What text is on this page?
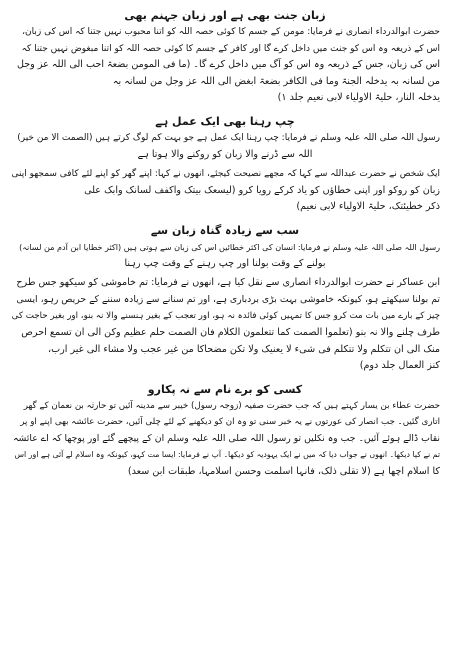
زبان جنت بھی ہے اور زبان جہنم بھی
حضرت ابوالدرداء انصاری نے فرمایا: مومن کے جسم کا کوئی حصہ اللہ کو اتنا محبوب نہیں جتنا کہ اس کی زبان،
اس کے ذریعہ وہ اس کو جنت میں داخل کرے گا اور کافر کے جسم کا کوئی حصہ اللہ کو اتنا مبغوض نہیں جتنا کہ
اس کی زبان، جس کے ذریعہ وہ اس کو آگ میں داخل کرے گا۔ (ما فی المومن بضعۃ احب الی اللہ عز وجل
من لسانہ بہ یدخلہ الجنۃ وما فی الکافر بضعۃ ابغض الی اللہ عز وجل من لسانہ بہ
یدخلہ النار، حلیۃ الاولیاء لابی نعیم جلد ۱)
چپ رہنا بھی ایک عمل ہے
رسول اللہ صلی اللہ علیہ وسلم نے فرمایا: چپ رہنا ایک عمل ہے جو بہت کم لوگ کرتے ہیں (الصمت الا من خیر)
اللہ سے ڈرنے والا زبان کو روکنے والا ہوتا ہے
ایک شخص نے حضرت عبداللہ سے کہا کہ مجھے نصیحت کیجئے، انھوں نے کہا: اپنے گھر کو اپنے لئے کافی سمجھو اپنی
زبان کو روکو اور اپنی خطاؤں کو یاد کرکے رویا کرو (لیسعک بیتک واکفف لسانک وابک علی
ذکر خطیئتک، حلیۃ الاولیاء لابی نعیم)
سب سے زیادہ گناہ زبان سے
رسول اللہ صلی اللہ علیہ وسلم نے فرمایا: انسان کی اکثر خطائیں اس کی زبان سے ہوتی ہیں (اکثر خطایا ابن آدم من لسانہ)
بولنے کے وقت بولنا اور چپ رہنے کے وقت چپ رہنا
ابن عساکر نے حضرت ابوالدرداء انصاری سے نقل کیا ہے، انھوں نے فرمایا: تم خاموشی کو سیکھو جس طرح
تم بولنا سیکھتے ہو، کیونکہ خاموشی بہت بڑی بردباری ہے، اور تم سنانے سے زیادہ سننے کے حریص رہو، ایسی
چیز کے بارے میں بات مت کرو جس کا تمہیں کوئی فائدہ نہ ہو، اور تعجب کے بغیر ہنسنے والا نہ بنو، اور بغیر حاجت کی
طرف چلنے والا نہ بنو (تعلموا الصمت کما تتعلمون الکلام فان الصمت حلم عظیم وکن الی ان تسمع احرص
منک الی ان تتکلم ولا تتکلم فی شیء لا یعنیک ولا تکن مضحاکا من غیر عجب ولا مشاء الی غیر ارب،
کنز العمال جلد دوم)
کسی کو برے نام سے نہ پکارو
حضرت عطاء بن یسار کہتے ہیں کہ جب حضرت صفیہ (زوجہ رسول) خیبر سے مدینہ آئیں تو حارثہ بن نعمان کے گھر
اتاری گئیں۔ جب انصار کی عورتوں نے یہ خبر سنی تو وہ ان کو دیکھنے کے لئے چلی آئیں، حضرت عائشہ بھی اپنے او پر
نقاب ڈالے ہوئے آئیں۔ جب وہ نکلیں تو رسول اللہ صلی اللہ علیہ وسلم ان کے پیچھے گئے اور پوچھا کہ اے عائشہ
تم نے کیا دیکھا۔ انھوں نے جواب دیا کہ میں نے ایک یہودیہ کو دیکھا۔ آپ نے فرمایا: ایسا مت کہو، کیونکہ وہ اسلام لے آئی ہے اور اس
کا اسلام اچھا ہے (لا تقلی ذلک، فانہا اسلمت وحسن اسلامہا، طبقات ابن سعد)
